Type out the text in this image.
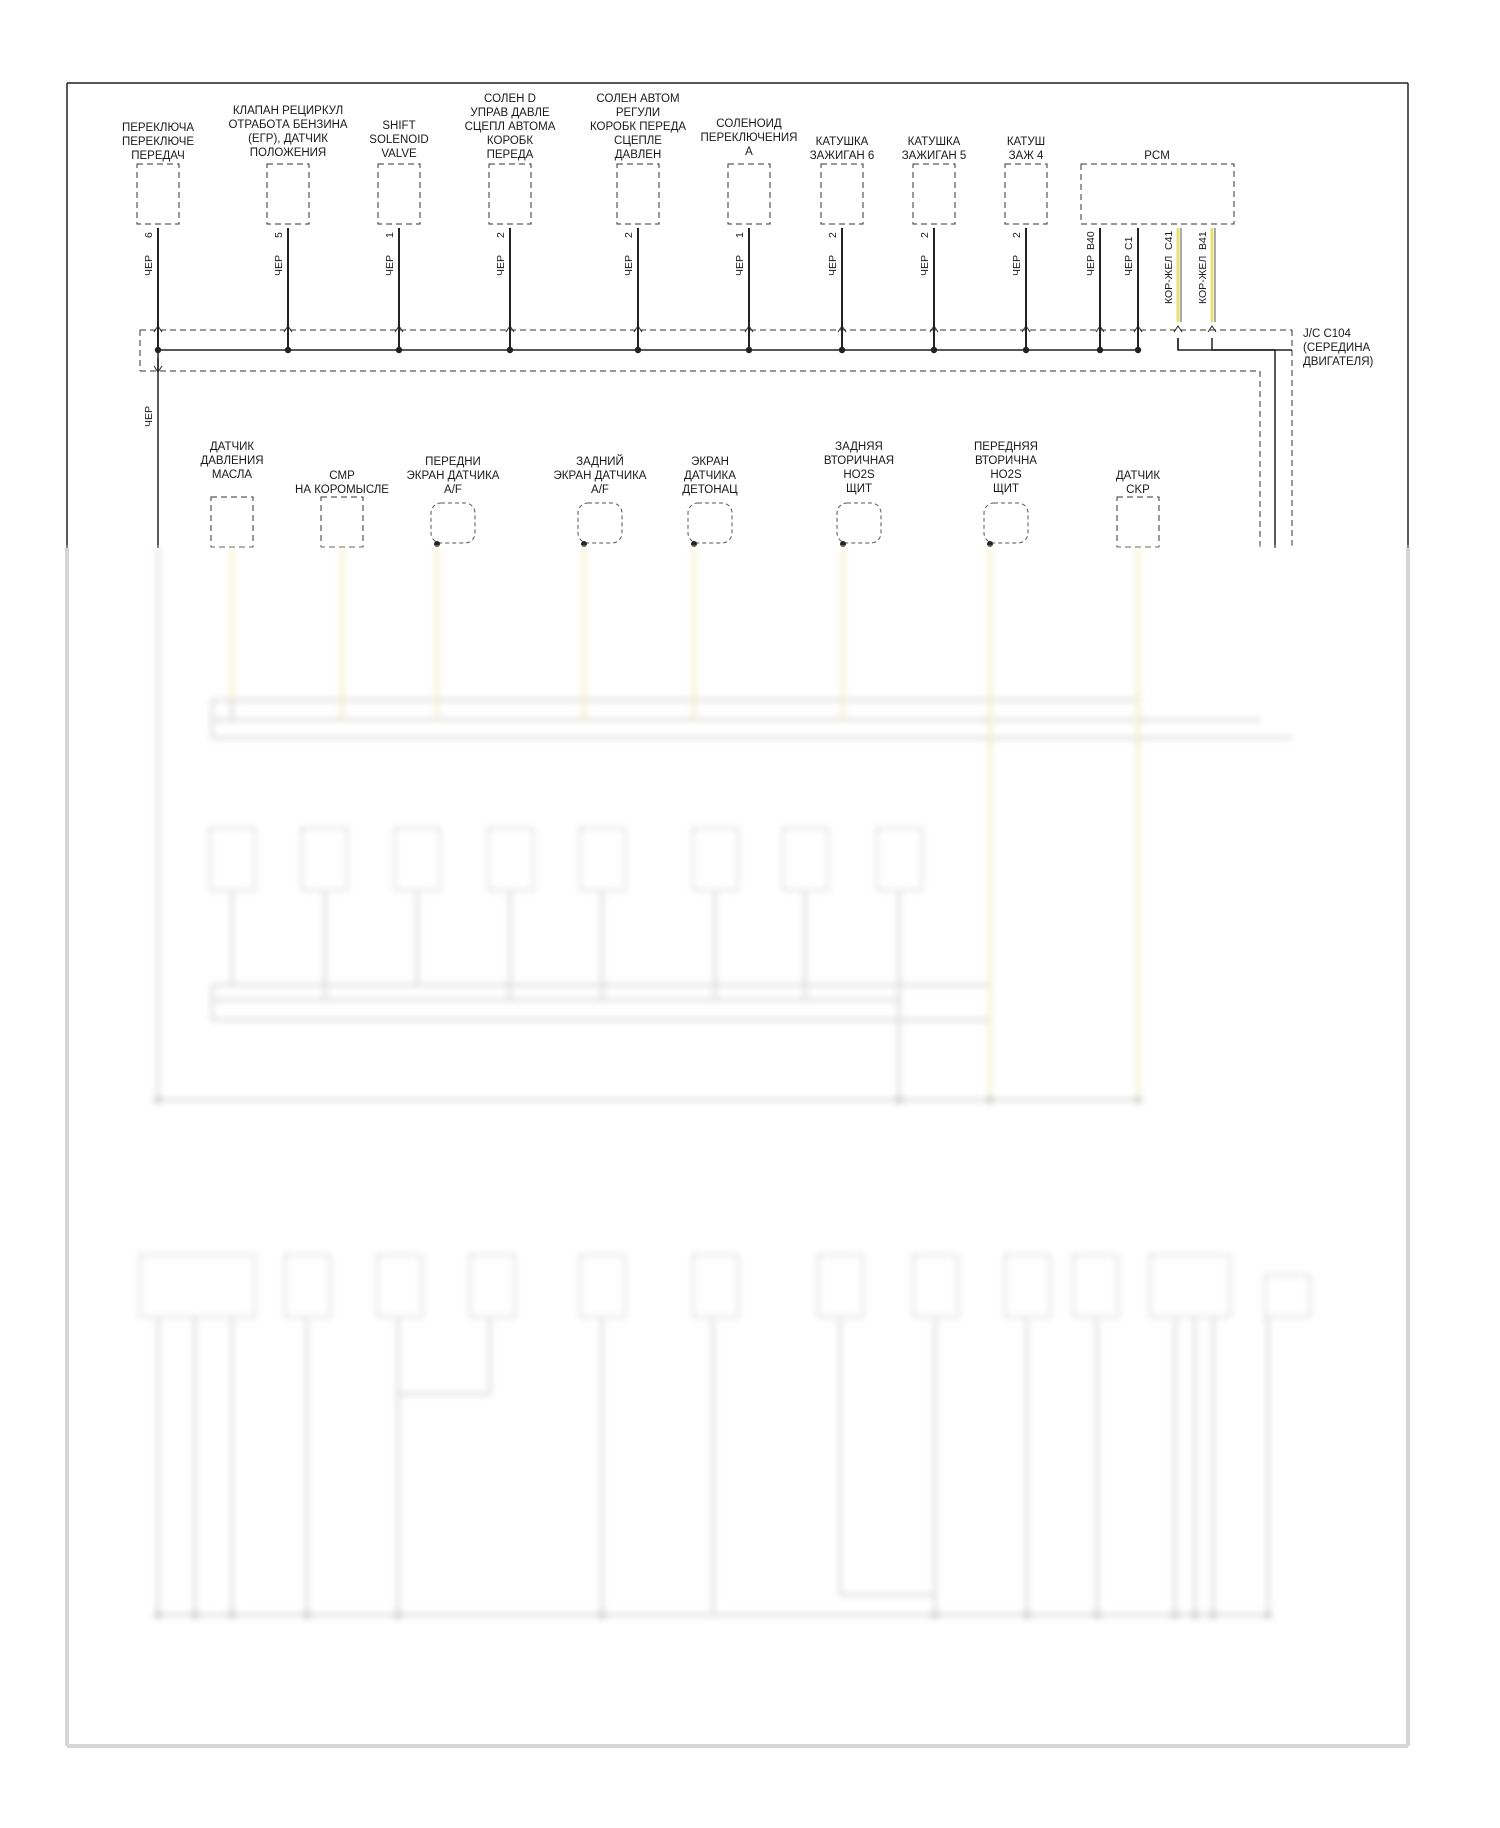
ПЕРЕКЛЮЧА
ПЕРЕКЛЮЧЕ
ПЕРЕДАЧ
6
ЧЕР
КЛАПАН РЕЦИРКУЛ
ОТРАБОТА БЕНЗИНА
(ЕГР), ДАТЧИК
ПОЛОЖЕНИЯ
5
ЧЕР
SHIFT
SOLENOID
VALVE
1
ЧЕР
СОЛЕН D
УПРАВ ДАВЛЕ
СЦЕПЛ АВТОМА
КОРОБК
ПЕРЕДА
2
ЧЕР
СОЛЕН АВТОМ
РЕГУЛИ
КОРОБК ПЕРЕДА
СЦЕПЛЕ
ДАВЛЕН
2
ЧЕР
СОЛЕНОИД
ПЕРЕКЛЮЧЕНИЯ
A
1
ЧЕР
КАТУШКА
ЗАЖИГАН 6
2
ЧЕР
КАТУШКА
ЗАЖИГАН 5
2
ЧЕР
КАТУШ
ЗАЖ 4
2
ЧЕР
PCM
B40
ЧЕР
C1
ЧЕР
C41
КОР-ЖЕЛ
B41
КОР-ЖЕЛ
J/C C104
(СЕРЕДИНА
ДВИГАТЕЛЯ)
ЧЕР
ДАТЧИК
ДАВЛЕНИЯ
МАСЛА	CMP
НА КОРОМЫСЛЕ
ПЕРЕДНИ
ЭКРАН ДАТЧИКА
A/F
ЗАДНИЙ
ЭКРАН ДАТЧИКА
A/F
ЭКРАН
ДАТЧИКА
ДЕТОНАЦ
ЗАДНЯЯ
ВТОРИЧНАЯ
HO2S
ЩИТ
ПЕРЕДНЯЯ
ВТОРИЧНА
HO2S
ЩИТ
ДАТЧИК
CKP
